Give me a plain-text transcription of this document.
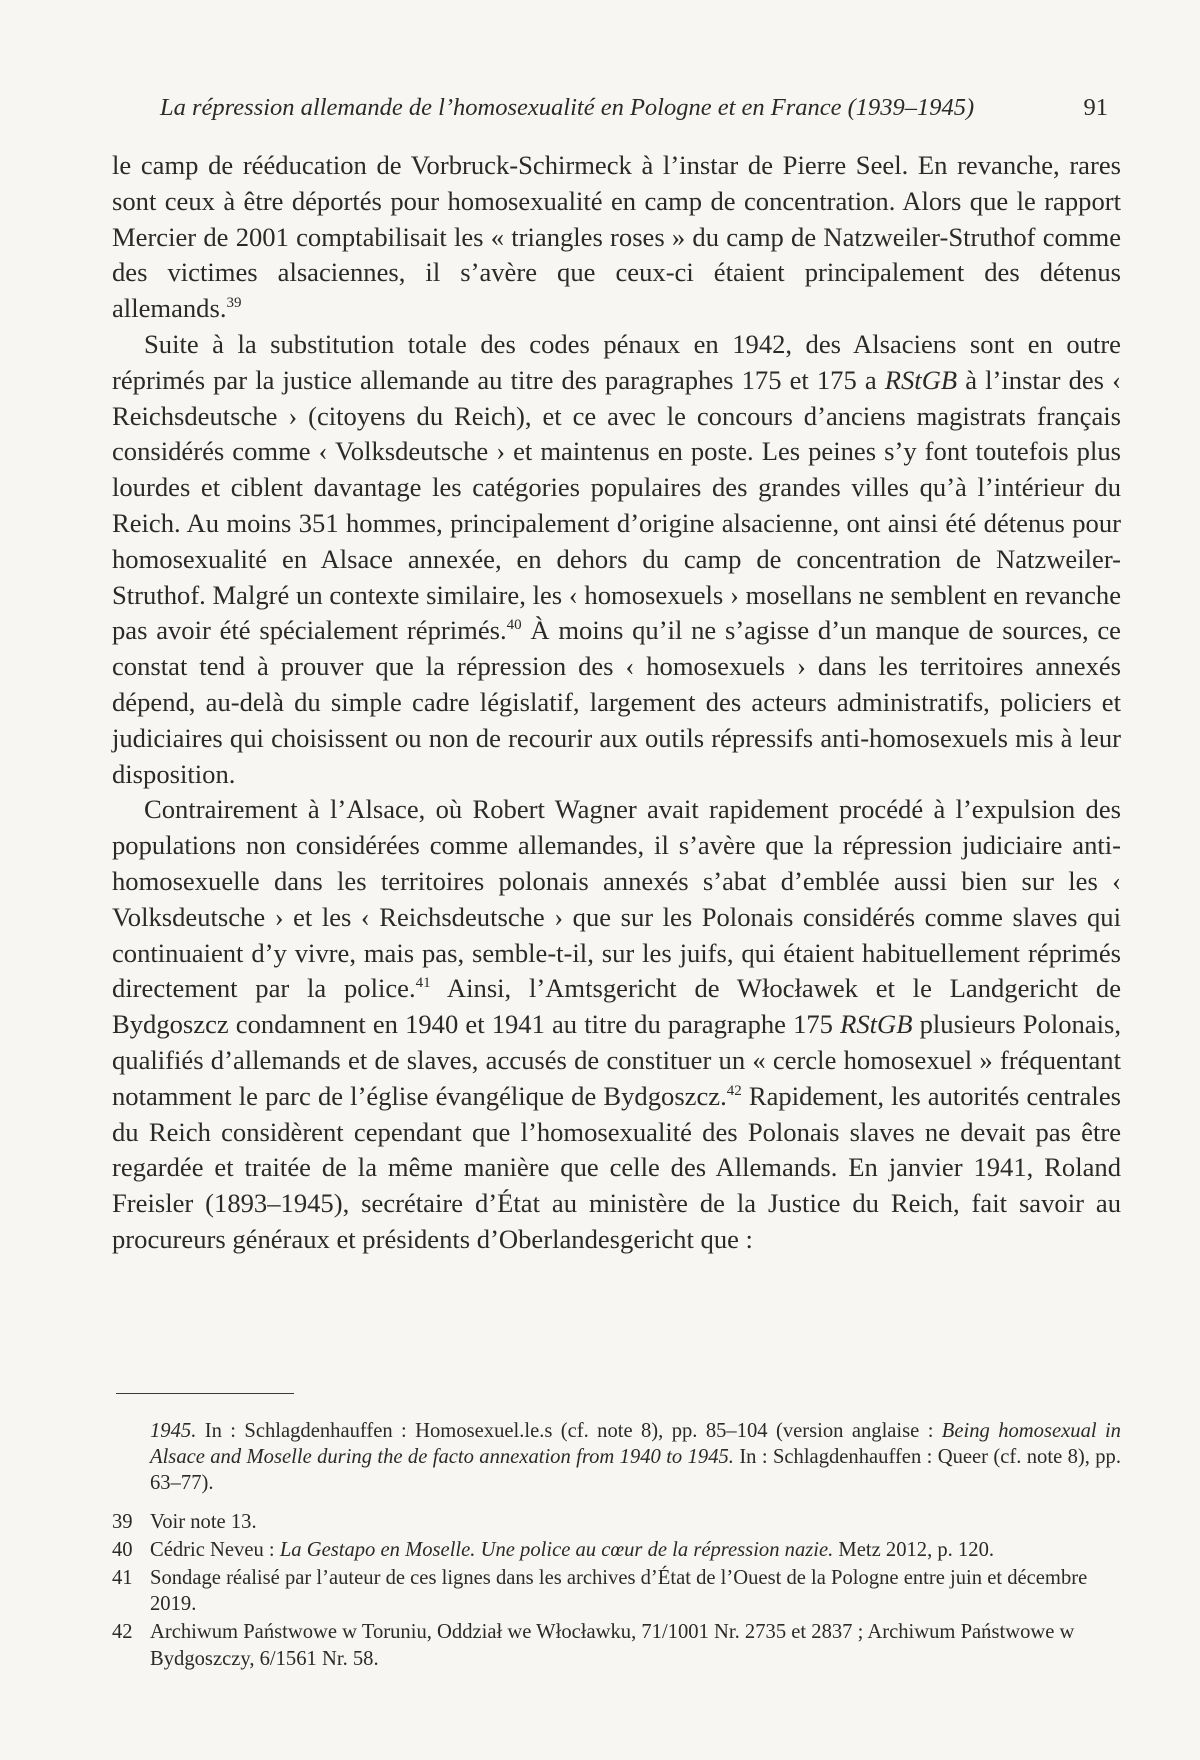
La répression allemande de l’homosexualité en Pologne et en France (1939–1945)	91

le camp de rééducation de Vorbruck-Schirmeck à l’instar de Pierre Seel. En revanche, rares sont ceux à être déportés pour homosexualité en camp de concentration. Alors que le rapport Mercier de 2001 comptabilisait les « triangles roses » du camp de Natzweiler-Struthof comme des victimes alsaciennes, il s’avère que ceux-ci étaient principalement des détenus allemands.$^{39}$

Suite à la substitution totale des codes pénaux en 1942, des Alsaciens sont en outre réprimés par la justice allemande au titre des paragraphes 175 et 175 a RStGB à l’instar des ‹ Reichsdeutsche › (citoyens du Reich), et ce avec le concours d’anciens magistrats français considérés comme ‹ Volksdeutsche › et maintenus en poste. Les peines s’y font toutefois plus lourdes et ciblent davantage les catégories populaires des grandes villes qu’à l’intérieur du Reich. Au moins 351 hommes, principalement d’origine alsacienne, ont ainsi été détenus pour homosexualité en Alsace annexée, en dehors du camp de concentration de Natzweiler-Struthof. Malgré un contexte similaire, les ‹ homosexuels › mosellans ne semblent en revanche pas avoir été spécialement réprimés.$^{40}$ À moins qu’il ne s’agisse d’un manque de sources, ce constat tend à prouver que la répression des ‹ homosexuels › dans les territoires annexés dépend, au-delà du simple cadre législatif, largement des acteurs administratifs, policiers et judiciaires qui choisissent ou non de recourir aux outils répressifs anti-homosexuels mis à leur disposition.

Contrairement à l’Alsace, où Robert Wagner avait rapidement procédé à l’expulsion des populations non considérées comme allemandes, il s’avère que la répression judiciaire anti-homosexuelle dans les territoires polonais annexés s’abat d’emblée aussi bien sur les ‹ Volksdeutsche › et les ‹ Reichsdeutsche › que sur les Polonais considérés comme slaves qui continuaient d’y vivre, mais pas, semble-t-il, sur les juifs, qui étaient habituellement réprimés directement par la police.$^{41}$ Ainsi, l’Amtsgericht de Włocławek et le Landgericht de Bydgoszcz condamnent en 1940 et 1941 au titre du paragraphe 175 RStGB plusieurs Polonais, qualifiés d’allemands et de slaves, accusés de constituer un « cercle homosexuel » fréquentant notamment le parc de l’église évangélique de Bydgoszcz.$^{42}$ Rapidement, les autorités centrales du Reich considèrent cependant que l’homosexualité des Polonais slaves ne devait pas être regardée et traitée de la même manière que celle des Allemands. En janvier 1941, Roland Freisler (1893–1945), secrétaire d’État au ministère de la Justice du Reich, fait savoir au procureurs généraux et présidents d’Oberlandesgericht que :

1945. In : Schlagdenhauffen : Homosexuel.le.s (cf. note 8), pp. 85–104 (version anglaise : Being homosexual in Alsace and Moselle during the de facto annexation from 1940 to 1945. In : Schlagdenhauffen : Queer (cf. note 8), pp. 63–77).

39 Voir note 13.
40 Cédric Neveu : La Gestapo en Moselle. Une police au cœur de la répression nazie. Metz 2012, p. 120.
41 Sondage réalisé par l’auteur de ces lignes dans les archives d’État de l’Ouest de la Pologne entre juin et décembre 2019.
42 Archiwum Państwowe w Toruniu, Oddział we Włocławku, 71/1001 Nr. 2735 et 2837 ; Archiwum Państwowe w Bydgoszczy, 6/1561 Nr. 58.
